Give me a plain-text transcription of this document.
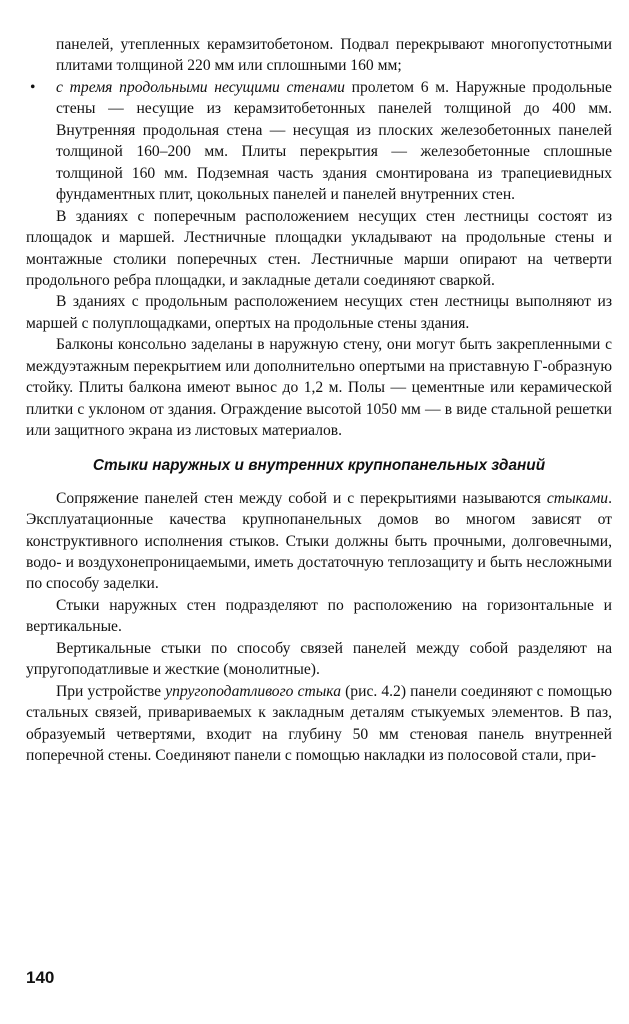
панелей, утепленных керамзитобетоном. Подвал перекрывают многопустотными плитами толщиной 220 мм или сплошными 160 мм;

• с тремя продольными несущими стенами пролетом 6 м. Наружные продольные стены — несущие из керамзитобетонных панелей толщиной до 400 мм. Внутренняя продольная стена — несущая из плоских железобетонных панелей толщиной 160–200 мм. Плиты перекрытия — железобетонные сплошные толщиной 160 мм. Подземная часть здания смонтирована из трапециевидных фундаментных плит, цокольных панелей и панелей внутренних стен.

В зданиях с поперечным расположением несущих стен лестницы состоят из площадок и маршей. Лестничные площадки укладывают на продольные стены и монтажные столики поперечных стен. Лестничные марши опирают на четверти продольного ребра площадки, и закладные детали соединяют сваркой.

В зданиях с продольным расположением несущих стен лестницы выполняют из маршей с полуплощадками, опертых на продольные стены здания.

Балконы консольно заделаны в наружную стену, они могут быть закрепленными с междуэтажным перекрытием или дополнительно опертыми на приставную Г-образную стойку. Плиты балкона имеют вынос до 1,2 м. Полы — цементные или керамической плитки с уклоном от здания. Ограждение высотой 1050 мм — в виде стальной решетки или защитного экрана из листовых материалов.

Стыки наружных и внутренних крупнопанельных зданий

Сопряжение панелей стен между собой и с перекрытиями называются стыками. Эксплуатационные качества крупнопанельных домов во многом зависят от конструктивного исполнения стыков. Стыки должны быть прочными, долговечными, водо- и воздухонепроницаемыми, иметь достаточную теплозащиту и быть несложными по способу заделки.

Стыки наружных стен подразделяют по расположению на горизонтальные и вертикальные.

Вертикальные стыки по способу связей панелей между собой разделяют на упругоподатливые и жесткие (монолитные).

При устройстве упругоподатливого стыка (рис. 4.2) панели соединяют с помощью стальных связей, привариваемых к закладным деталям стыкуемых элементов. В паз, образуемый четвертями, входит на глубину 50 мм стеновая панель внутренней поперечной стены. Соединяют панели с помощью накладки из полосовой стали, при-

140
